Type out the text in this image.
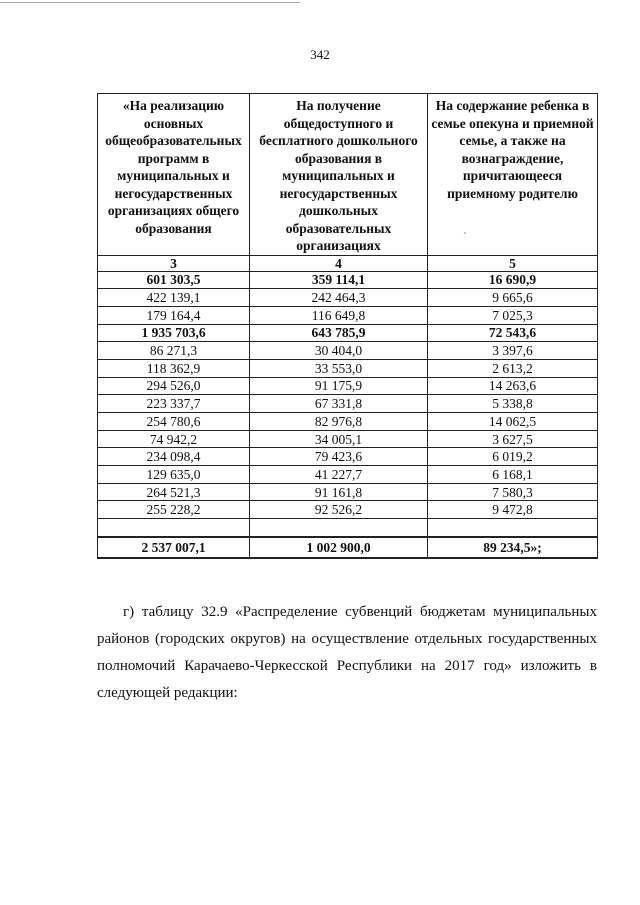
342
«На реализацию основных общеобразовательных программ в муниципальных и негосударственных организациях общего образования	На получение общедоступного и бесплатного дошкольного образования в муниципальных и негосударственных дошкольных образовательных организациях	На содержание ребенка в семье опекуна и приемной семье, а также на вознаграждение, причитающееся приемному родителю
3	4	5
601 303,5	359 114,1	16 690,9
422 139,1	242 464,3	9 665,6
179 164,4	116 649,8	7 025,3
1 935 703,6	643 785,9	72 543,6
86 271,3	30 404,0	3 397,6
118 362,9	33 553,0	2 613,2
294 526,0	91 175,9	14 263,6
223 337,7	67 331,8	5 338,8
254 780,6	82 976,8	14 062,5
74 942,2	34 005,1	3 627,5
234 098,4	79 423,6	6 019,2
129 635,0	41 227,7	6 168,1
264 521,3	91 161,8	7 580,3
255 228,2	92 526,2	9 472,8

2 537 007,1	1 002 900,0	89 234,5»;
ˋ
г) таблицу 32.9 «Распределение субвенций бюджетам муниципальных районов (городских округов) на осуществление отдельных государственных полномочий Карачаево-Черкесской Республики на 2017 год» изложить в следующей редакции:
